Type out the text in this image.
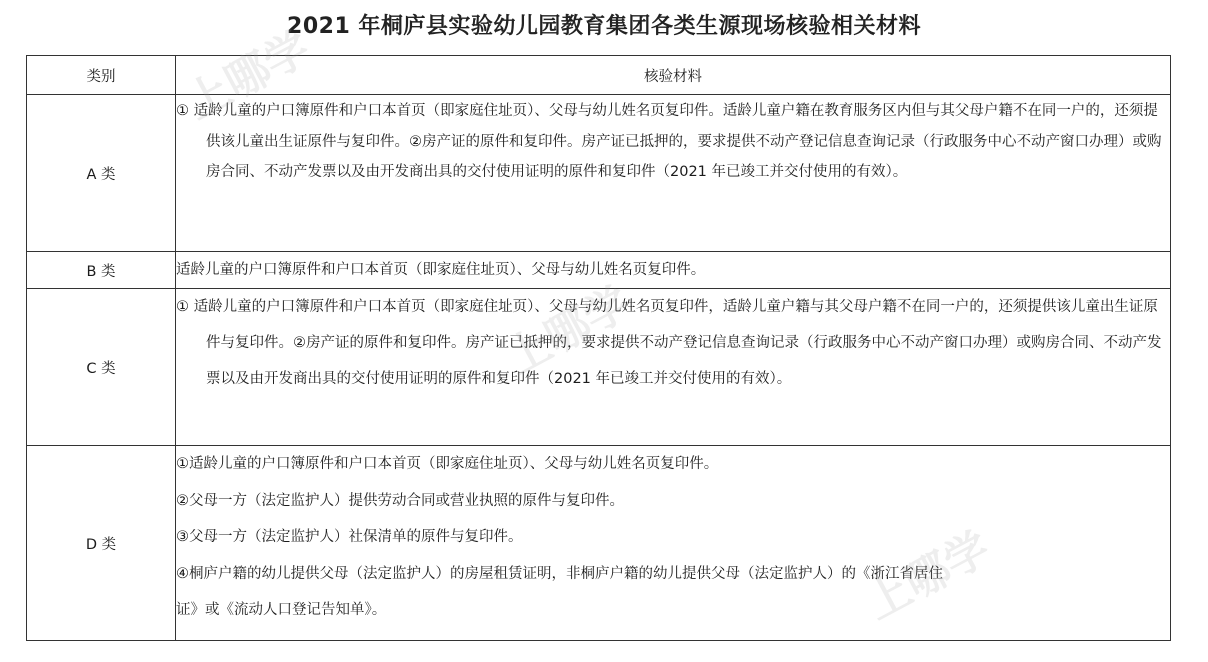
2021 年桐庐县实验幼儿园教育集团各类生源现场核验相关材料
类别	核验材料
A 类	① 适龄儿童的户口簿原件和户口本首页（即家庭住址页）、父母与幼儿姓名页复印件。适龄儿童户籍在教育服务区内但与其父母户籍不在同一户的，还须提供该儿童出生证原件与复印件。②房产证的原件和复印件。房产证已抵押的，要求提供不动产登记信息查询记录（行政服务中心不动产窗口办理）或购房合同、不动产发票以及由开发商出具的交付使用证明的原件和复印件（2021 年已竣工并交付使用的有效）。

B 类	适龄儿童的户口簿原件和户口本首页（即家庭住址页）、父母与幼儿姓名页复印件。

C 类	① 适龄儿童的户口簿原件和户口本首页（即家庭住址页）、父母与幼儿姓名页复印件，适龄儿童户籍与其父母户籍不在同一户的，还须提供该儿童出生证原件与复印件。②房产证的原件和复印件。房产证已抵押的，要求提供不动产登记信息查询记录（行政服务中心不动产窗口办理）或购房合同、不动产发票以及由开发商出具的交付使用证明的原件和复印件（2021 年已竣工并交付使用的有效）。

D 类	①适龄儿童的户口簿原件和户口本首页（即家庭住址页）、父母与幼儿姓名页复印件。
②父母一方（法定监护人）提供劳动合同或营业执照的原件与复印件。
③父母一方（法定监护人）社保清单的原件与复印件。
④桐庐户籍的幼儿提供父母（法定监护人）的房屋租赁证明，非桐庐户籍的幼儿提供父母（法定监护人）的《浙江省居住
证》或《流动人口登记告知单》。
上哪学
上哪学
上哪学
